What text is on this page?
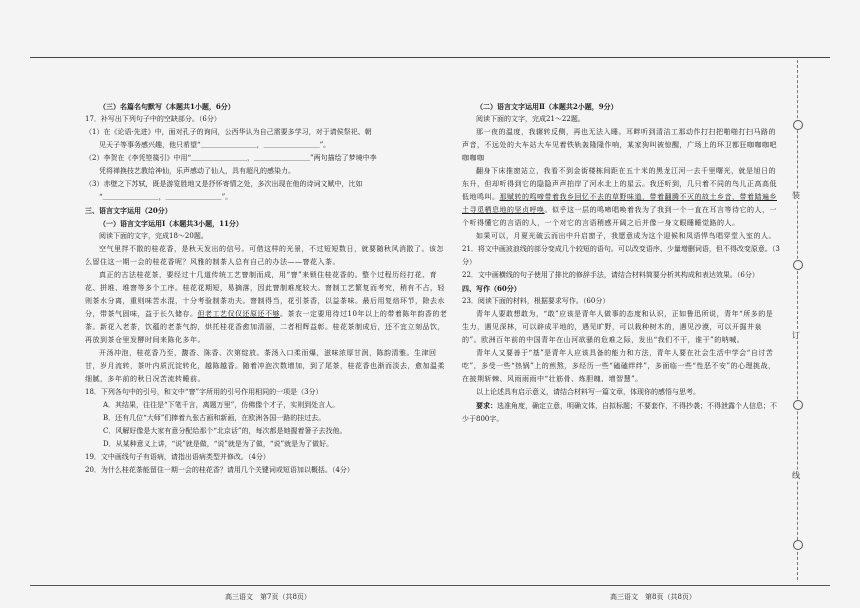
（三）名篇名句默写（本题共1小题，6分）

17．补写出下列句子中的空缺部分。（6分）

（1）在《论语·先进》中，面对孔子的询问，公西华认为自己需要多学习，对于请侯祭祀、朝

见天子等事务感兴趣，他只希望“＿＿＿＿＿＿＿＿，＿＿＿＿＿＿＿＿”。

（2）李贺在《李凭箜篌引》中用“＿＿＿＿＿＿＿＿，＿＿＿＿＿＿＿＿”两句描绘了梦境中李

凭将禅换技艺教给神仙，乐声感动了仙人，具有超凡的感染力。

（3）赤壁之下苏轼，既是游览胜地又是抒怀寄情之处，多次出现在他的诗词文赋中，比如

“＿＿＿＿＿＿＿＿，＿＿＿＿＿＿＿＿”。

三、语言文字运用（20分）

（一）语言文字运用Ⅰ（本题共3小题，11分）

阅读下面的文字，完成18～20题。

空气里拌不散的桂花香，是秋天发出的信号。可借这样的光景，不过短短数日，就要随秋风消散了。该怎么留住这一期一会的桂花香呢？风雅的制茶人总有自己的办法——窨花入茶。

真正的古法桂花茶，要经过十几道传统工艺窨制而成，用“窨”来锁住桂花香的。整个过程历经打花、育花、拼堆、堆窨等多个工序。桂花花期短，易摘落，因此窨制难度较大。窨制工艺繁复而考究，稍有不占，轻则茶水分离，重则味苦水混，十分考验制茶功夫。窨制得当，花引茶香，以益茶味。最后用复焙环节，除去水分，带茶气固味，益于长久储存。但老工艺仅仅还原还不够。茶农一定要用待过10年以上的带着陈年韵香的老茶。新花入老茶，饮蕴的老茶气韵，烘托桂花香愈加清丽，二者相辉益彰。桂花茶制成后，还不宜立刻品饮，再放到茶仓里发酵时间来陈化多年。

开汤冲泡，桂花香乃至，馥香、陈香、次第绽放。茶汤入口柔而爆，滋味浓厚甘润，陈韵清雅。生津回甘，岁月流转，茶叶内质沉淀转化，越陈越香。随着冲泡次数增加，到了尾茶，桂花香也渐而淡去，愈加温柔细腻，多年前的秋日况苦流转睡前。

18．下列各句中的引号，和文中“窨”字所用的引号作用相同的一项是（3分）

A．其结果，往往是“下笔千言，离题万里”，仿佛像个才子，实则到处言人。

B．还有几位“大师”们捧着九张古画和新画，在欧洲各国一路的挂过去。

C．风解好像是大家有意分配给那个“北京话”的，每次都是她握着箸子去找他。

D．从某种意义上讲，“说”就是做，“说”就是为了做，“说”就是为了做好。

19．文中画线句子有语病，请指出语病类型并修改。（4分）

20．为什么桂花茶能留住一期一会的桂花香？请用几个关键词或短语加以概括。（4分）

（二）语言文字运用Ⅱ（本题共2小题，9分）

阅读下面的文字，完成21～22题。

那一夜的温度，我辗转反侧，再也无法入睡。耳畔听到清洁工那动作打扫把啪啪打扫马路的声音，不远处的大车站大车见着铁轨轰隆隆作响，某家狗叫被惊醒，广场上的环卫都狂咖咖咖吧咖咖咖

翻身下床推窗站立，我看不到金街楼栋间距在五十米的黑龙江河一去千里曙光，就是旭日的东升，但却听得到它的隐隐声声拍岸了河水北上的星云。我还听到，几只着不同的鸟儿正高高低低地鸣叫。那赋转的鸣啼带着我乡回忆不去的草野味道，带着翻腾不灭的故土乡音，带着踏遍乡土寻觅栖息地的坚贞呼唤。似乎这一层的鸣啼唱唤着我为了我到一个一直在耳言等待它的人，一个听得懂它的言语的人，一个对它的言语稍感开阔之后并像一身文眼睡睡觉路的人。

如果可以，月夏光破云而出中升启窗子，我愿意成为这个迎候和凤语悍鸟唱穿堂入室的人。

21．将文中画波浪线的部分变成几个较短的语句。可以改变语序、少量增删词语，但不得改变原意。（3分）

22．文中画横线的句子使用了排比的修辞手法，请结合材料简要分析其构成和表达效果。（6分）

四、写作（60分）

23．阅读下面的材料，根据要求写作。（60分）

青年人要敢想敢为，“敢”应该是青年人做事的态度和认识，正如鲁迅所说，青年“所多的是生力，遇见深林，可以辟成平地的，遇见旷野，可以栽种树木的，遇见沙漠，可以开掘井泉的”。欧洲百年前的中国青年在山河欲骚的危难之际，发出“我们不干，谁干”的呐喊。

青年人又要善于“基”是青年人应该具备的能力和方法，青年人要在社会生活中学会“自讨苦吃”，多受一些“热锅”上的煎熬，多经历一些“磕磕绊绊”，多面临一些“性恶不安”的心理挑战，在披荆斩棘、风雨雨雨中“壮筋骨、炼胆魄、增智慧”。

以上论述具有启示意义，请结合材料写一篇文章，体现你的感悟与思考。

要求：选准角度，确定立意，明确文体，自拟标题；不要套作，不得抄袭；不得泄露个人信息；不少于800字。

装
订
线
高三语文　第7页（共8页）	高三语文　第8页（共8页）
